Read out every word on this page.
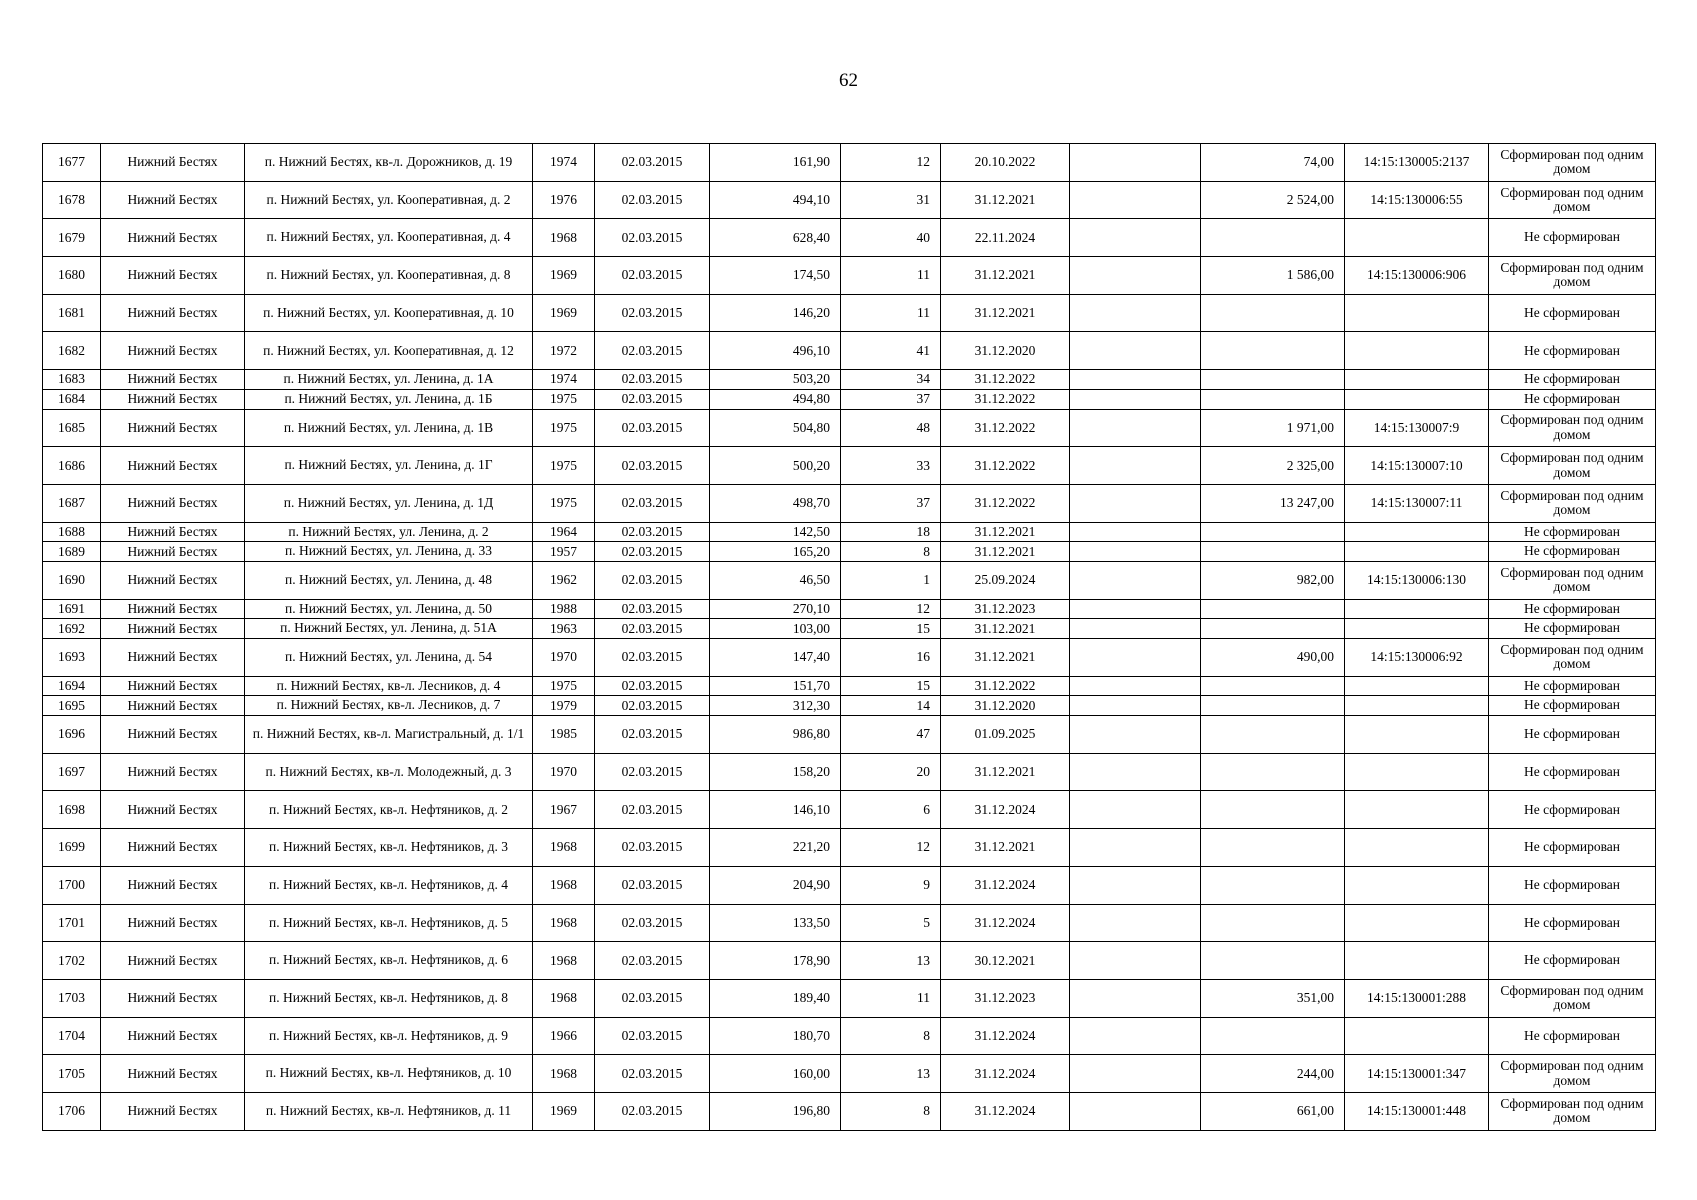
62
1677	Нижний Бестях	п. Нижний Бестях, кв-л. Дорожников, д. 19	1974	02.03.2015	161,90	12	20.10.2022		74,00	14:15:130005:2137	Сформирован под одним домом
1678	Нижний Бестях	п. Нижний Бестях, ул. Кооперативная, д. 2	1976	02.03.2015	494,10	31	31.12.2021		2 524,00	14:15:130006:55	Сформирован под одним домом
1679	Нижний Бестях	п. Нижний Бестях, ул. Кооперативная, д. 4	1968	02.03.2015	628,40	40	22.11.2024				Не сформирован
1680	Нижний Бестях	п. Нижний Бестях, ул. Кооперативная, д. 8	1969	02.03.2015	174,50	11	31.12.2021		1 586,00	14:15:130006:906	Сформирован под одним домом
1681	Нижний Бестях	п. Нижний Бестях, ул. Кооперативная, д. 10	1969	02.03.2015	146,20	11	31.12.2021				Не сформирован
1682	Нижний Бестях	п. Нижний Бестях, ул. Кооперативная, д. 12	1972	02.03.2015	496,10	41	31.12.2020				Не сформирован
1683	Нижний Бестях	п. Нижний Бестях, ул. Ленина, д. 1А	1974	02.03.2015	503,20	34	31.12.2022				Не сформирован
1684	Нижний Бестях	п. Нижний Бестях, ул. Ленина, д. 1Б	1975	02.03.2015	494,80	37	31.12.2022				Не сформирован
1685	Нижний Бестях	п. Нижний Бестях, ул. Ленина, д. 1В	1975	02.03.2015	504,80	48	31.12.2022		1 971,00	14:15:130007:9	Сформирован под одним домом
1686	Нижний Бестях	п. Нижний Бестях, ул. Ленина, д. 1Г	1975	02.03.2015	500,20	33	31.12.2022		2 325,00	14:15:130007:10	Сформирован под одним домом
1687	Нижний Бестях	п. Нижний Бестях, ул. Ленина, д. 1Д	1975	02.03.2015	498,70	37	31.12.2022		13 247,00	14:15:130007:11	Сформирован под одним домом
1688	Нижний Бестях	п. Нижний Бестях, ул. Ленина, д. 2	1964	02.03.2015	142,50	18	31.12.2021				Не сформирован
1689	Нижний Бестях	п. Нижний Бестях, ул. Ленина, д. 33	1957	02.03.2015	165,20	8	31.12.2021				Не сформирован
1690	Нижний Бестях	п. Нижний Бестях, ул. Ленина, д. 48	1962	02.03.2015	46,50	1	25.09.2024		982,00	14:15:130006:130	Сформирован под одним домом
1691	Нижний Бестях	п. Нижний Бестях, ул. Ленина, д. 50	1988	02.03.2015	270,10	12	31.12.2023				Не сформирован
1692	Нижний Бестях	п. Нижний Бестях, ул. Ленина, д. 51А	1963	02.03.2015	103,00	15	31.12.2021				Не сформирован
1693	Нижний Бестях	п. Нижний Бестях, ул. Ленина, д. 54	1970	02.03.2015	147,40	16	31.12.2021		490,00	14:15:130006:92	Сформирован под одним домом
1694	Нижний Бестях	п. Нижний Бестях, кв-л. Лесников, д. 4	1975	02.03.2015	151,70	15	31.12.2022				Не сформирован
1695	Нижний Бестях	п. Нижний Бестях, кв-л. Лесников, д. 7	1979	02.03.2015	312,30	14	31.12.2020				Не сформирован
1696	Нижний Бестях	п. Нижний Бестях, кв-л. Магистральный, д. 1/1	1985	02.03.2015	986,80	47	01.09.2025				Не сформирован
1697	Нижний Бестях	п. Нижний Бестях, кв-л. Молодежный, д. 3	1970	02.03.2015	158,20	20	31.12.2021				Не сформирован
1698	Нижний Бестях	п. Нижний Бестях, кв-л. Нефтяников, д. 2	1967	02.03.2015	146,10	6	31.12.2024				Не сформирован
1699	Нижний Бестях	п. Нижний Бестях, кв-л. Нефтяников, д. 3	1968	02.03.2015	221,20	12	31.12.2021				Не сформирован
1700	Нижний Бестях	п. Нижний Бестях, кв-л. Нефтяников, д. 4	1968	02.03.2015	204,90	9	31.12.2024				Не сформирован
1701	Нижний Бестях	п. Нижний Бестях, кв-л. Нефтяников, д. 5	1968	02.03.2015	133,50	5	31.12.2024				Не сформирован
1702	Нижний Бестях	п. Нижний Бестях, кв-л. Нефтяников, д. 6	1968	02.03.2015	178,90	13	30.12.2021				Не сформирован
1703	Нижний Бестях	п. Нижний Бестях, кв-л. Нефтяников, д. 8	1968	02.03.2015	189,40	11	31.12.2023		351,00	14:15:130001:288	Сформирован под одним домом
1704	Нижний Бестях	п. Нижний Бестях, кв-л. Нефтяников, д. 9	1966	02.03.2015	180,70	8	31.12.2024				Не сформирован
1705	Нижний Бестях	п. Нижний Бестях, кв-л. Нефтяников, д. 10	1968	02.03.2015	160,00	13	31.12.2024		244,00	14:15:130001:347	Сформирован под одним домом
1706	Нижний Бестях	п. Нижний Бестях, кв-л. Нефтяников, д. 11	1969	02.03.2015	196,80	8	31.12.2024		661,00	14:15:130001:448	Сформирован под одним домом
